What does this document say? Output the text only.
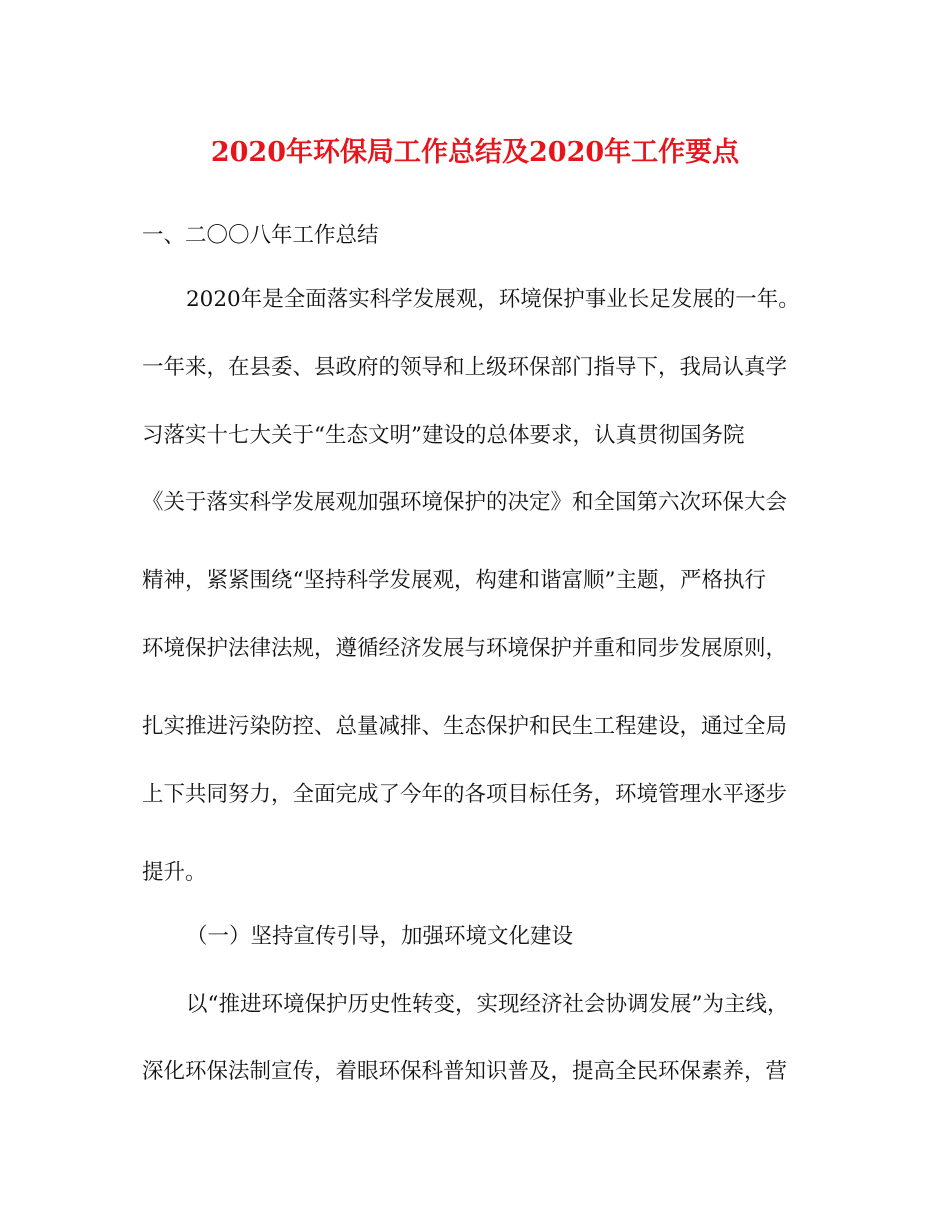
2020年环保局工作总结及2020年工作要点
一、二〇〇八年工作总结
2020年是全面落实科学发展观，环境保护事业长足发展的一年。
一年来，在县委、县政府的领导和上级环保部门指导下，我局认真学
习落实十七大关于“生态文明”建设的总体要求，认真贯彻国务院
《关于落实科学发展观加强环境保护的决定》和全国第六次环保大会
精神，紧紧围绕“坚持科学发展观，构建和谐富顺”主题，严格执行
环境保护法律法规，遵循经济发展与环境保护并重和同步发展原则，
扎实推进污染防控、总量减排、生态保护和民生工程建设，通过全局
上下共同努力，全面完成了今年的各项目标任务，环境管理水平逐步
提升。
（一）坚持宣传引导，加强环境文化建设
以“推进环境保护历史性转变，实现经济社会协调发展”为主线，
深化环保法制宣传，着眼环保科普知识普及，提高全民环保素养，营
